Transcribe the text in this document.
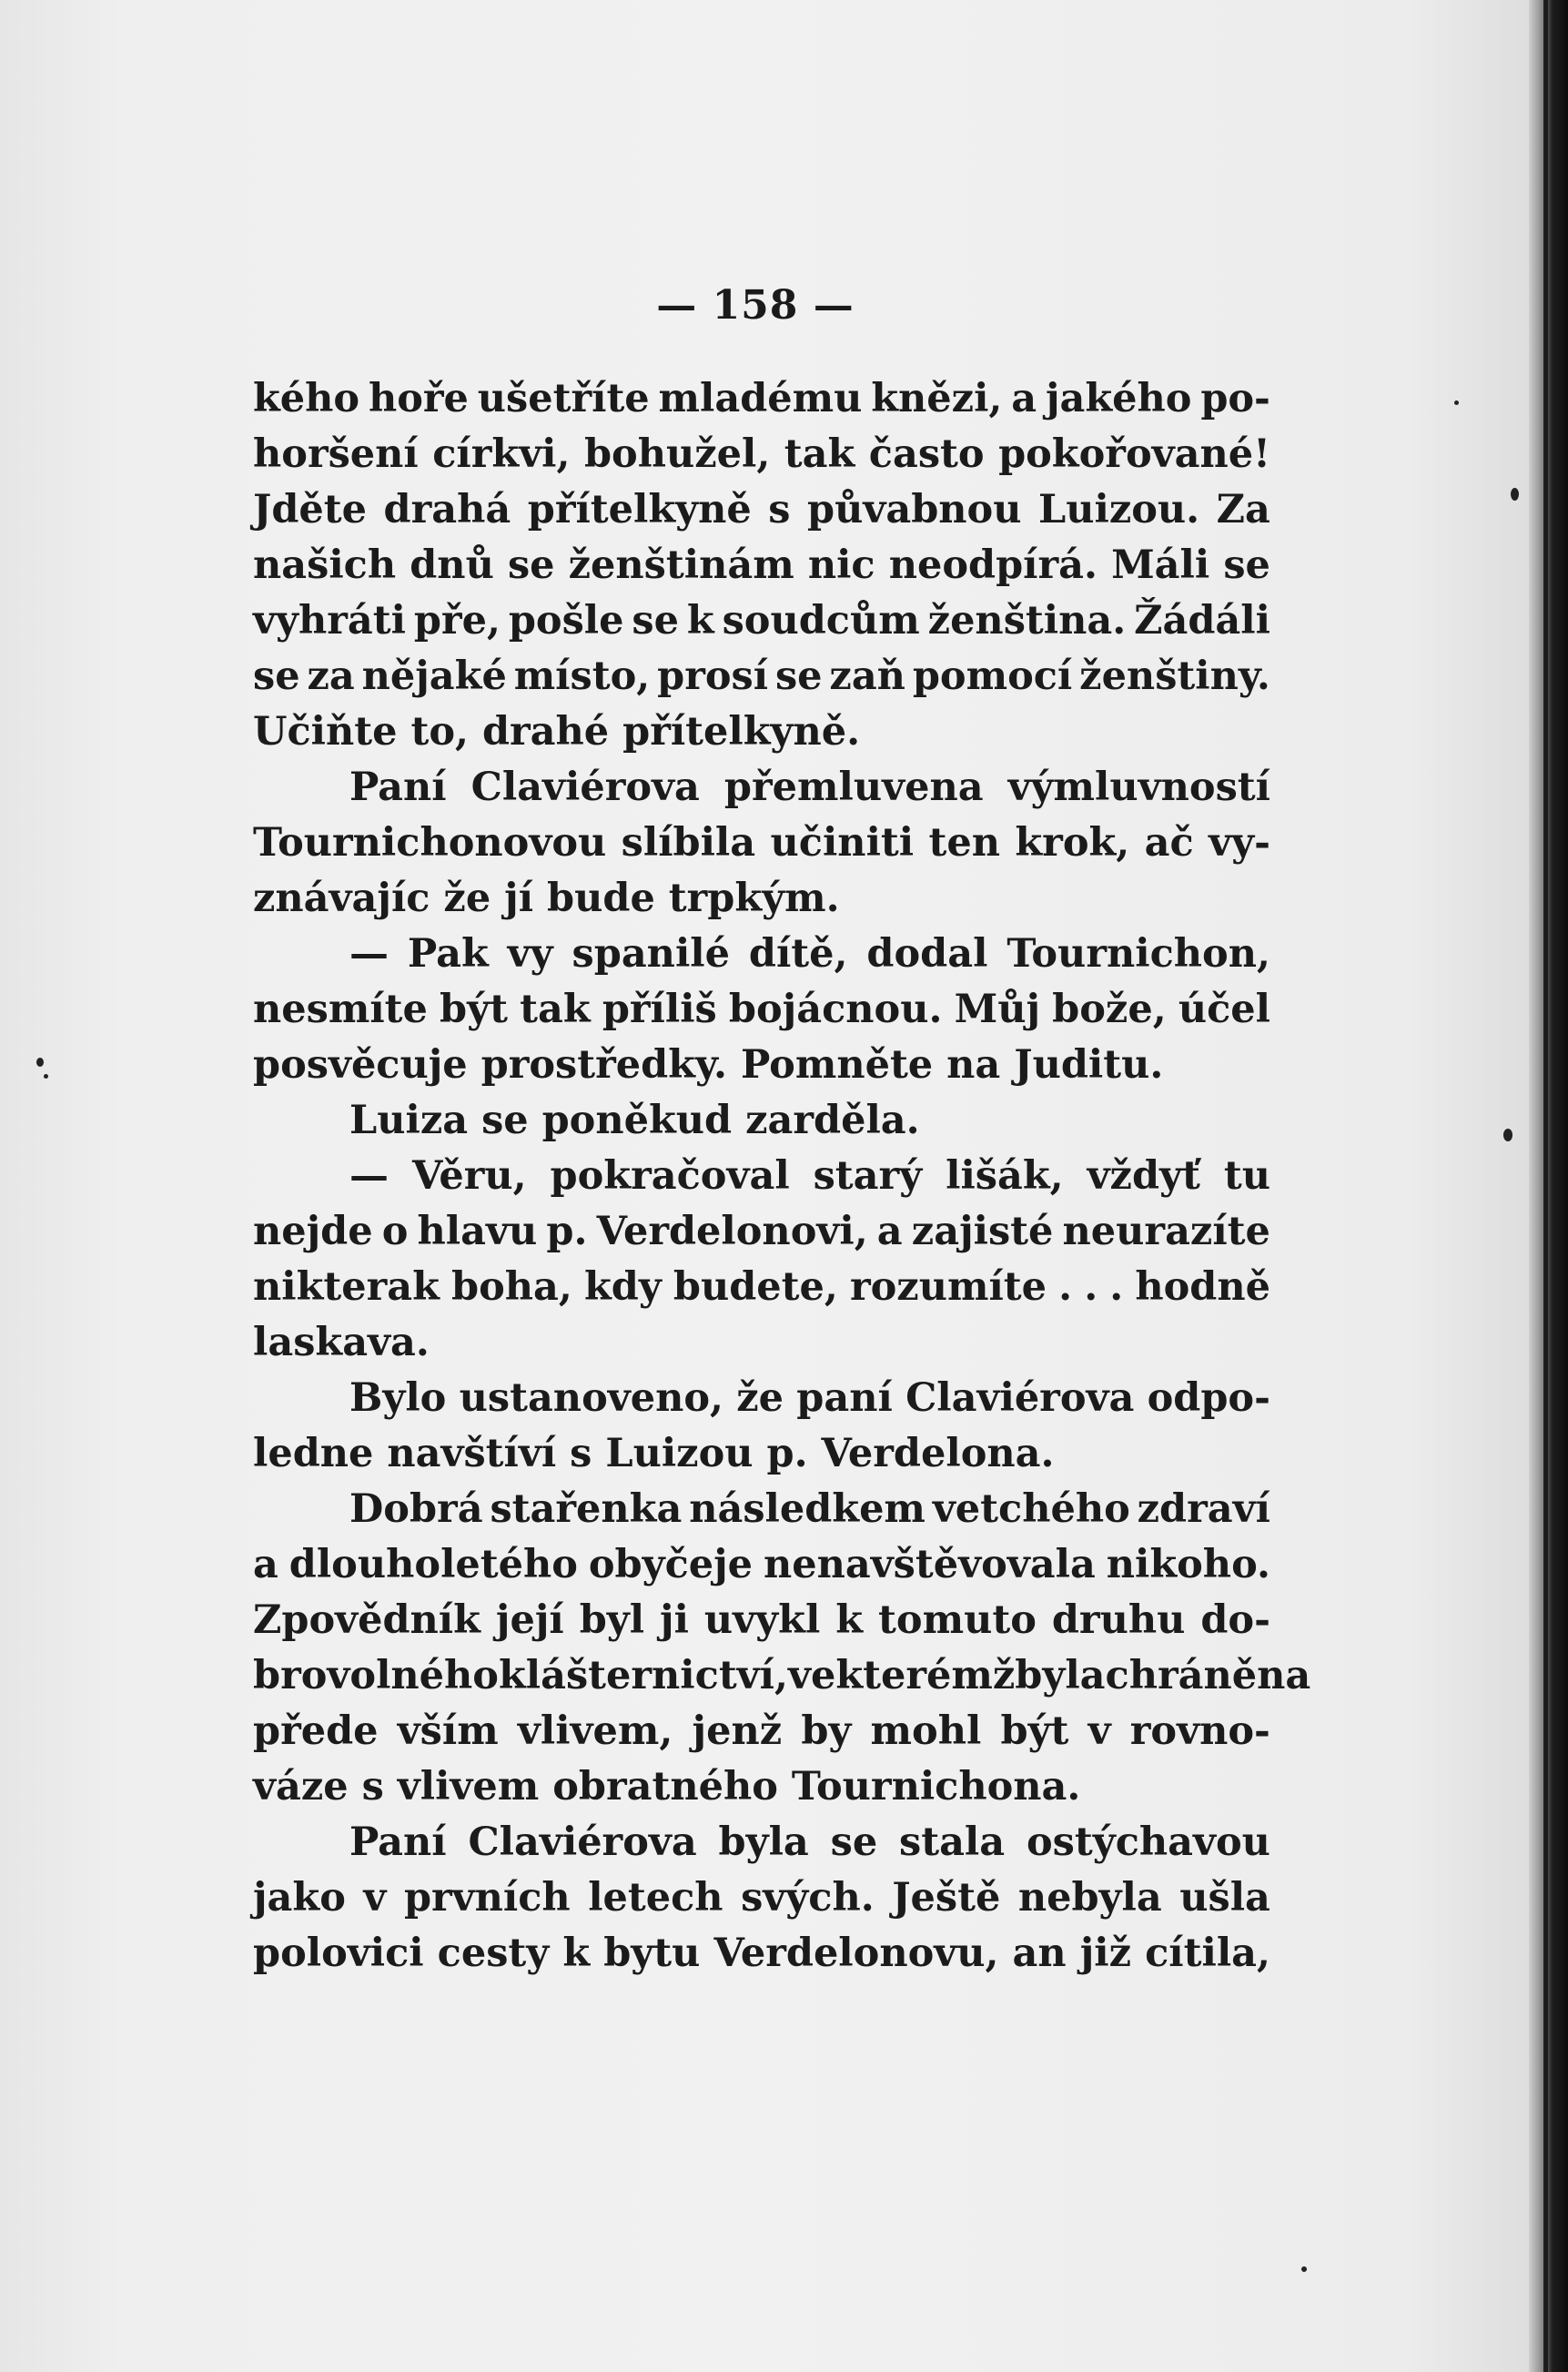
— 158 —
kého hoře ušetříte mladému knězi, a jakého po-
horšení církvi, bohužel, tak často pokořované!
Jděte drahá přítelkyně s půvabnou Luizou. Za
našich dnů se ženštinám nic neodpírá. Máli se
vyhráti pře, pošle se k soudcům ženština. Žádáli
se za nějaké místo, prosí se zaň pomocí ženštiny.
Učiňte to, drahé přítelkyně.
Paní Claviérova přemluvena výmluvností
Tournichonovou slíbila učiniti ten krok, ač vy-
znávajíc že jí bude trpkým.
— Pak vy spanilé dítě, dodal Tournichon,
nesmíte být tak příliš bojácnou. Můj bože, účel
posvěcuje prostředky. Pomněte na Juditu.
Luiza se poněkud zarděla.
— Věru, pokračoval starý lišák, vždyť tu
nejde o hlavu p. Verdelonovi, a zajisté neurazíte
nikterak boha, kdy budete, rozumíte . . . hodně
laskava.
Bylo ustanoveno, že paní Claviérova odpo-
ledne navštíví s Luizou p. Verdelona.
Dobrá stařenka následkem vetchého zdraví
a dlouholetého obyčeje nenavštěvovala nikoho.
Zpovědník její byl ji uvykl k tomuto druhu do-
brovolného klášternictví, ve kterémž byla chráněna
přede vším vlivem, jenž by mohl být v rovno-
váze s vlivem obratného Tournichona.
Paní Claviérova byla se stala ostýchavou
jako v prvních letech svých. Ještě nebyla ušla
polovici cesty k bytu Verdelonovu, an již cítila,
